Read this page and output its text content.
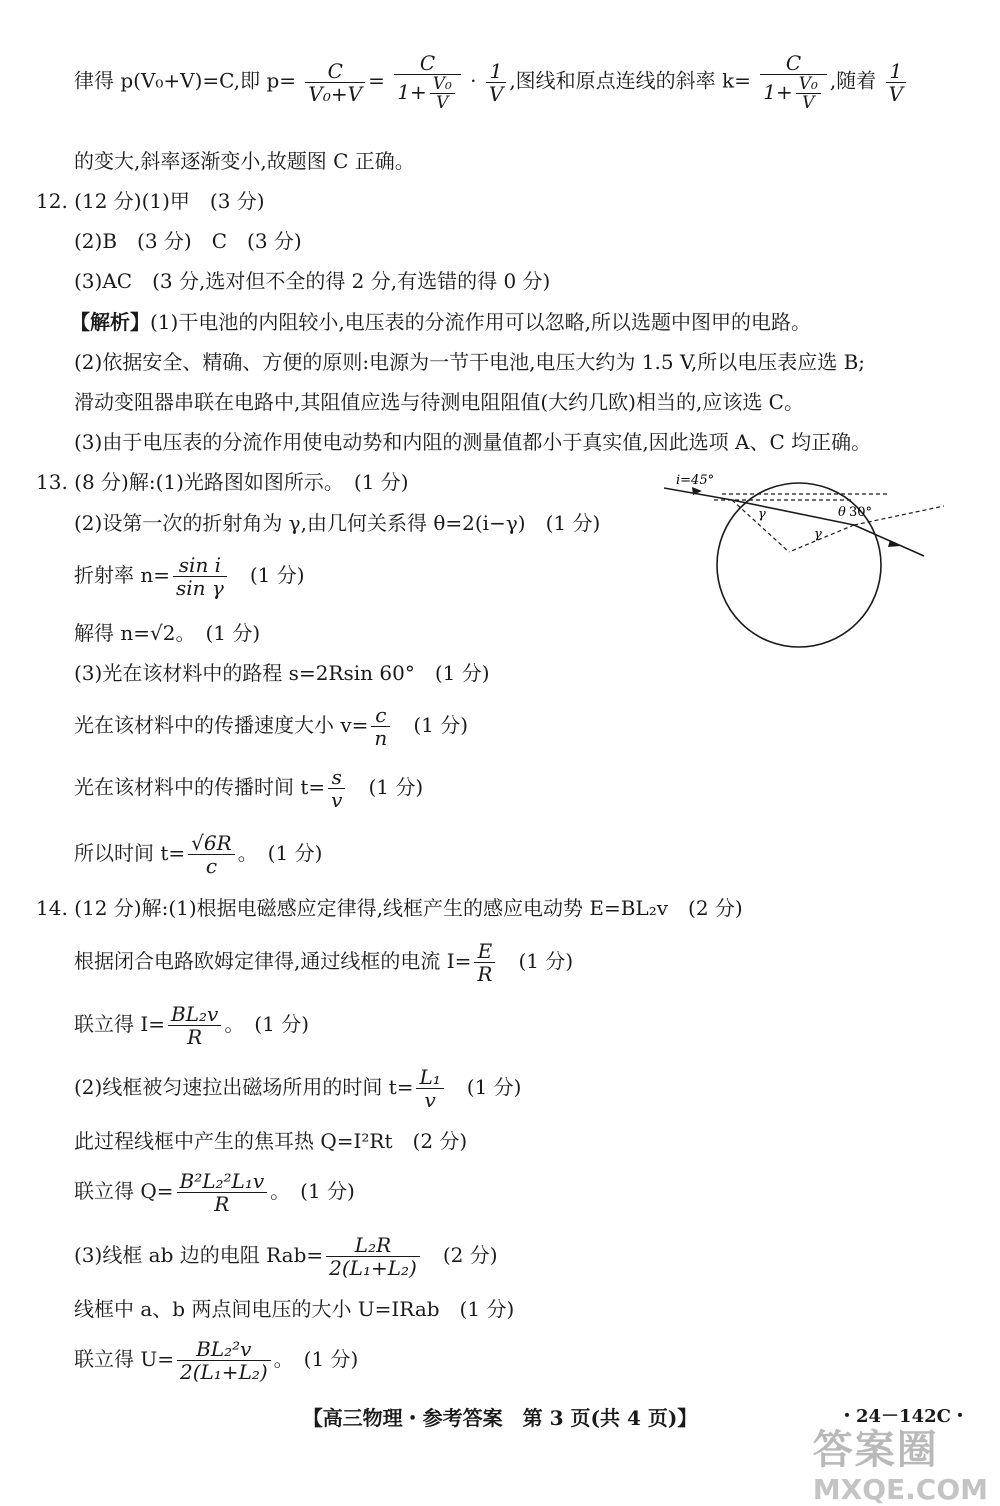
律得 p(V₀+V)=C,即 $p= \frac{C}{\text{V₀+V}} = \frac{C}{1+ \frac{\text{V₀}}{V}} \cdot \frac{1}{V}$ ,图线和原点连线的斜率 $k= \frac{C}{1+ \frac{\text{V₀}}{V}}$ ,随着 $\frac{1}{V}$
的变大,斜率逐渐变小,故题图 C 正确。
12. (12 分)(1)甲　(3 分)
(2)B　(3 分)　C　(3 分)
(3)AC　(3 分,选对但不全的得 2 分,有选错的得 0 分)
【解析】(1)干电池的内阻较小,电压表的分流作用可以忽略,所以选题中图甲的电路。
(2)依据安全、精确、方便的原则:电源为一节干电池,电压大约为 1.5 V,所以电压表应选 B;
滑动变阻器串联在电路中,其阻值应选与待测电阻阻值(大约几欧)相当的,应该选 C。
(3)由于电压表的分流作用使电动势和内阻的测量值都小于真实值,因此选项 A、C 均正确。
13. (8 分)解:(1)光路图如图所示。　(1 分)
(2)设第一次的折射角为 γ,由几何关系得 θ=2(i−γ)　(1 分)
折射率 $n= \frac{\text{sin i}}{\text{sin γ}}$
　 (1 分)
解得 n=√2。　(1 分)
(3)光在该材料中的路程 s=2Rsin 60°　(1 分)
光在该材料中的传播速度大小 $v= \frac{c}{n}$
　 (1 分)
光在该材料中的传播时间 $t= \frac{s}{v}$
　 (1 分)
所以时间 $t= \frac{√6R}{c}$ 。　(1 分)
i=45°
θ 30°
γ
γ
14. (12 分)解:(1)根据电磁感应定律得,线框产生的感应电动势 E=BL₂v　(2 分)
根据闭合电路欧姆定律得,通过线框的电流 $I= \frac{E}{R}$
　 (1 分)
联立得 $I= \frac{\text{BL₂v}}{R}$ 。　(1 分)
(2)线框被匀速拉出磁场所用的时间 $t= \frac{\text{L₁}}{v}$
　 (1 分)
此过程线框中产生的焦耳热 Q=I²Rt　(2 分)
联立得 $Q= \frac{\text{B²L₂²L₁v}}{R}$ 。　(1 分)
(3)线框 ab 边的电阻 $Rab= \frac{\text{L₂R}}{\text{2(L₁+L₂)}}$
　 (2 分)
线框中 a、b 两点间电压的大小 U=IRab　(1 分)
联立得 $U= \frac{\text{BL₂²v}}{\text{2(L₁+L₂)}}$ 。　(1 分)
【高三物理・参考答案　第 3 页(共 4 页)】	・24－142C・
答案圈
MXQE.COM
